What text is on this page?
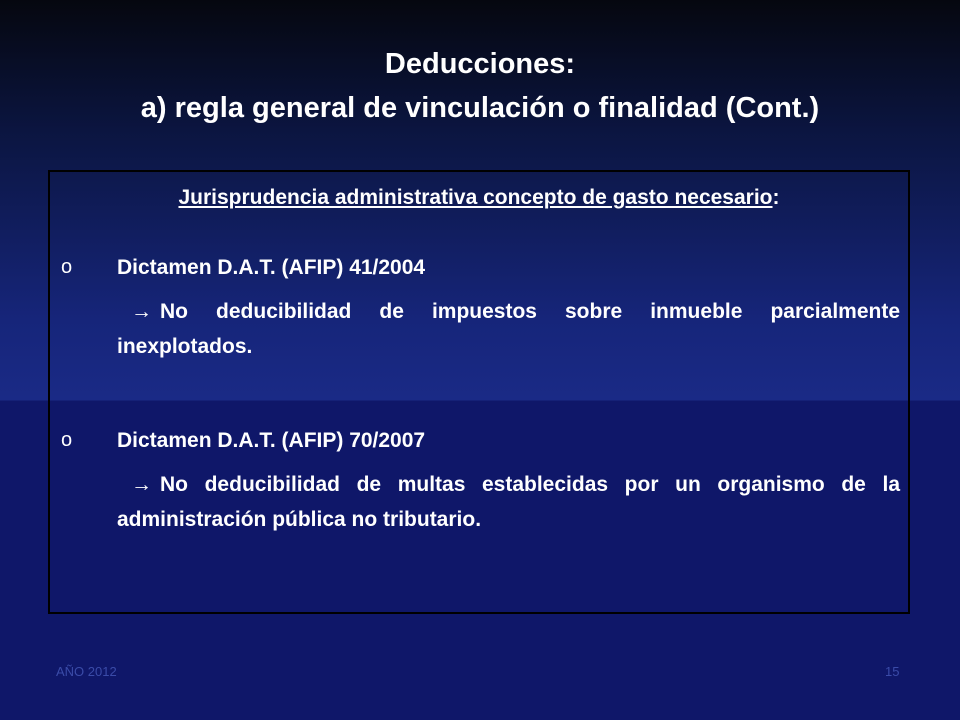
Deducciones:
a) regla general de vinculación o finalidad (Cont.)
Jurisprudencia administrativa concepto de gasto necesario:
o Dictamen D.A.T. (AFIP) 41/2004
→ No deducibilidad de impuestos sobre inmueble parcialmente inexplotados.
o Dictamen D.A.T. (AFIP) 70/2007
→ No deducibilidad de multas establecidas por un organismo de la administración pública no tributario.
AÑO 2012	15
